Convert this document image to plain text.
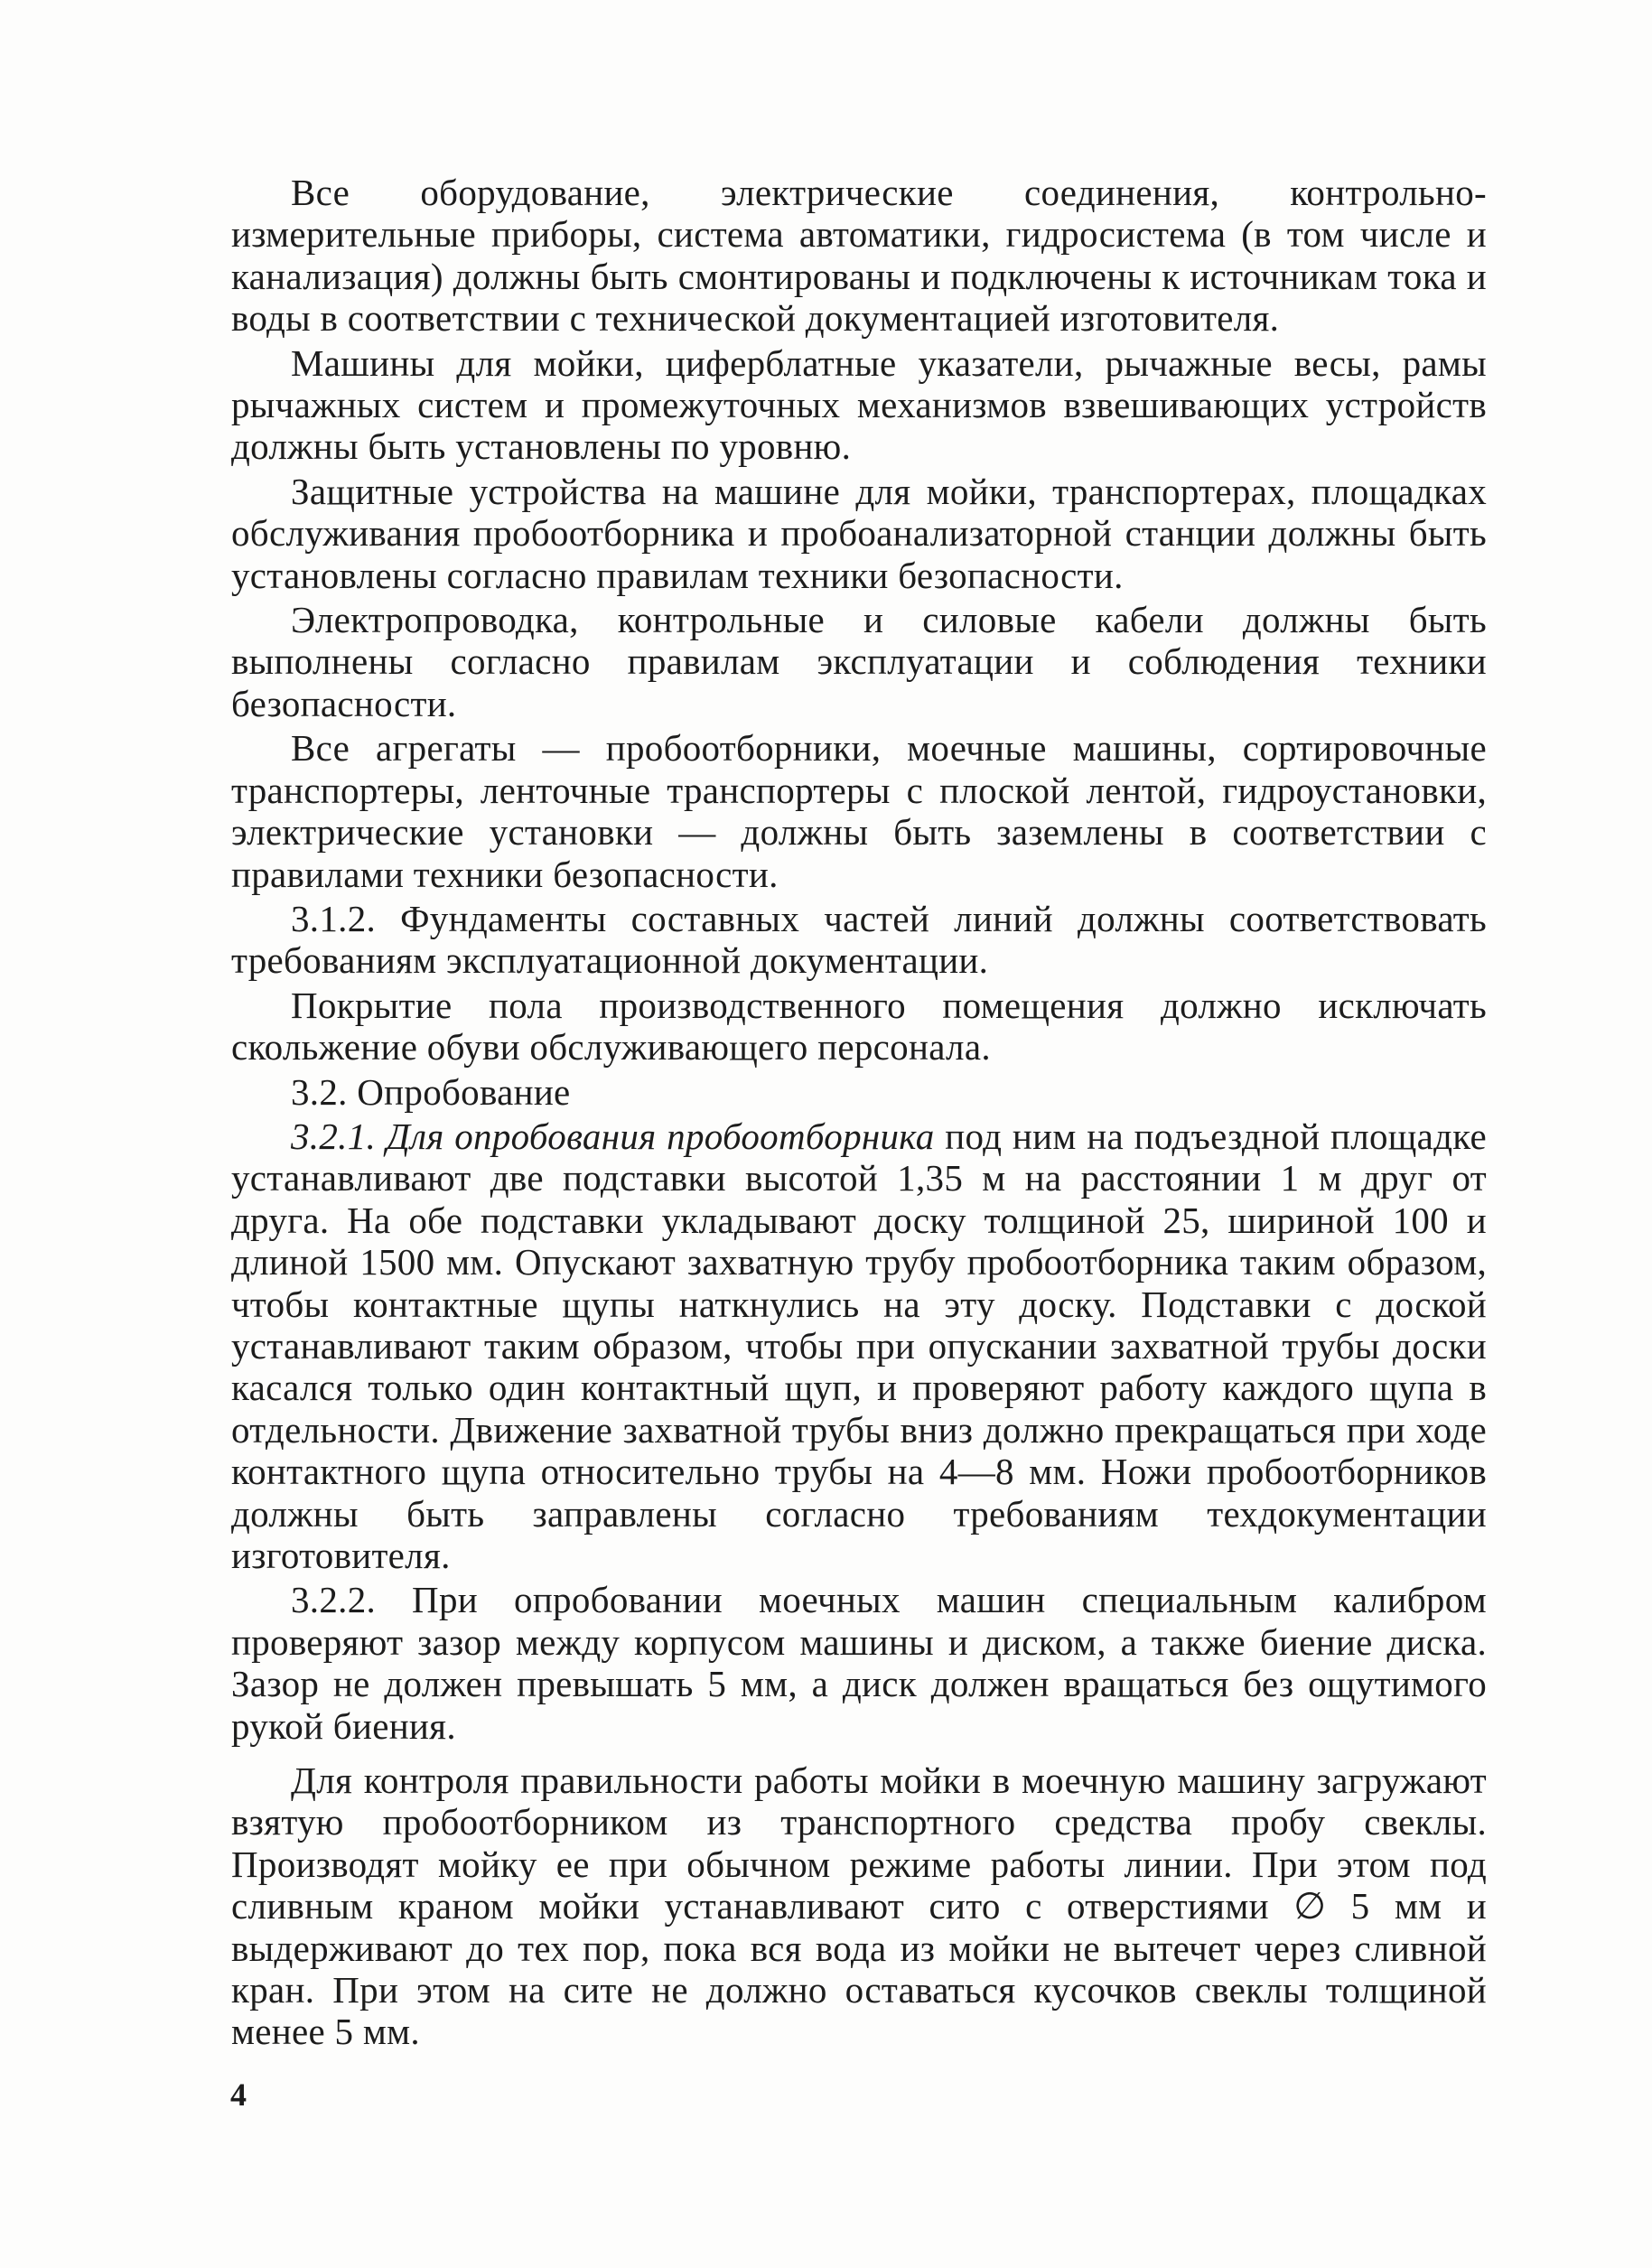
Все оборудование, электрические соединения, контрольно-измерительные приборы, система автоматики, гидросистема (в том числе и канализация) должны быть смонтированы и подключены к источникам тока и воды в соответствии с технической документацией изготовителя.

Машины для мойки, циферблатные указатели, рычажные весы, рамы рычажных систем и промежуточных механизмов взвешивающих устройств должны быть установлены по уровню.

Защитные устройства на машине для мойки, транспортерах, площадках обслуживания пробоотборника и пробоанализаторной станции должны быть установлены согласно правилам техники безопасности.

Электропроводка, контрольные и силовые кабели должны быть выполнены согласно правилам эксплуатации и соблюдения техники безопасности.

Все агрегаты — пробоотборники, моечные машины, сортировочные транспортеры, ленточные транспортеры с плоской лентой, гидроустановки, электрические установки — должны быть заземлены в соответствии с правилами техники безопасности.

3.1.2. Фундаменты составных частей линий должны соответствовать требованиям эксплуатационной документации.

Покрытие пола производственного помещения должно исключать скольжение обуви обслуживающего персонала.

3.2. Опробование

3.2.1. Для опробования пробоотборника под ним на подъездной площадке устанавливают две подставки высотой 1,35 м на расстоянии 1 м друг от друга. На обе подставки укладывают доску толщиной 25, шириной 100 и длиной 1500 мм. Опускают захватную трубу пробоотборника таким образом, чтобы контактные щупы наткнулись на эту доску. Подставки с доской устанавливают таким образом, чтобы при опускании захватной трубы доски касался только один контактный щуп, и проверяют работу каждого щупа в отдельности. Движение захватной трубы вниз должно прекращаться при ходе контактного щупа относительно трубы на 4—8 мм. Ножи пробоотборников должны быть заправлены согласно требованиям техдокументации изготовителя.

3.2.2. При опробовании моечных машин специальным калибром проверяют зазор между корпусом машины и диском, а также биение диска. Зазор не должен превышать 5 мм, а диск должен вращаться без ощутимого рукой биения.

Для контроля правильности работы мойки в моечную машину загружают взятую пробоотборником из транспортного средства пробу свеклы. Производят мойку ее при обычном режиме работы линии. При этом под сливным краном мойки устанавливают сито с отверстиями ∅ 5 мм и выдерживают до тех пор, пока вся вода из мойки не вытечет через сливной кран. При этом на сите не должно оставаться кусочков свеклы толщиной менее 5 мм.

4
